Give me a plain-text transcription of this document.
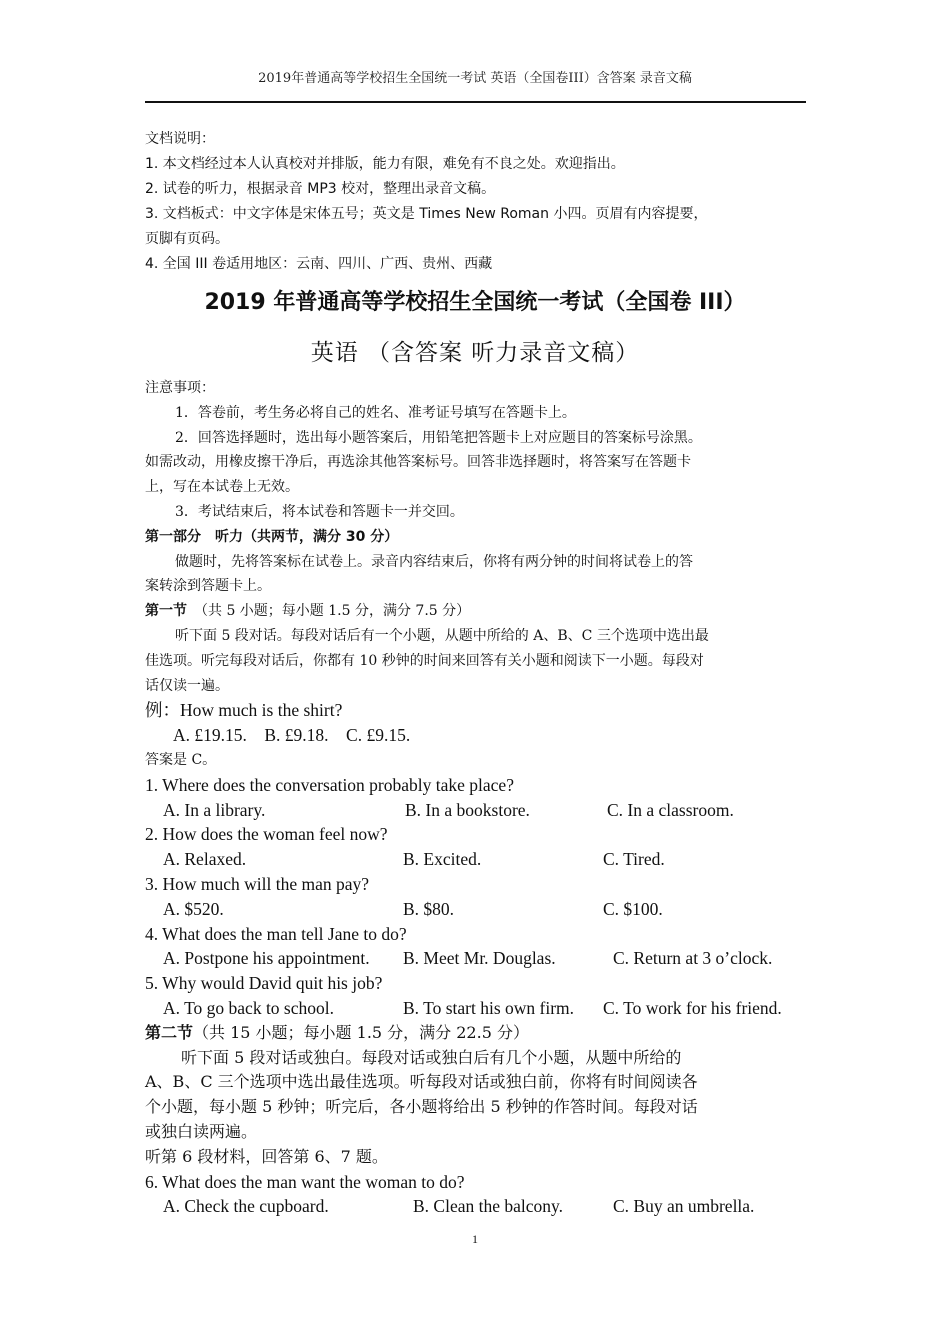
2019年普通高等学校招生全国统一考试 英语（全国卷III）含答案 录音文稿
文档说明：
1. 本文档经过本人认真校对并排版，能力有限，难免有不良之处。欢迎指出。
2. 试卷的听力，根据录音 MP3 校对，整理出录音文稿。
3. 文档板式：中文字体是宋体五号；英文是 Times New Roman 小四。页眉有内容提要，
页脚有页码。
4. 全国 III 卷适用地区：云南、四川、广西、贵州、西藏
2019 年普通高等学校招生全国统一考试（全国卷 III）
英语 （含答案 听力录音文稿）
注意事项：
1．答卷前，考生务必将自己的姓名、准考证号填写在答题卡上。
2．回答选择题时，选出每小题答案后，用铅笔把答题卡上对应题目的答案标号涂黑。
如需改动，用橡皮擦干净后，再选涂其他答案标号。回答非选择题时，将答案写在答题卡
上，写在本试卷上无效。
3．考试结束后，将本试卷和答题卡一并交回。
第一部分　听力（共两节，满分 30 分）
做题时，先将答案标在试卷上。录音内容结束后，你将有两分钟的时间将试卷上的答
案转涂到答题卡上。
第一节　（共 5 小题；每小题 1.5 分，满分 7.5 分）
听下面 5 段对话。每段对话后有一个小题，从题中所给的 A、B、C 三个选项中选出最
佳选项。听完每段对话后，你都有 10 秒钟的时间来回答有关小题和阅读下一小题。每段对
话仅读一遍。
例：How much is the shirt?
A. £19.15.　B. £9.18.　C. £9.15.
答案是 C。
1. Where does the conversation probably take place?
A. In a library.	B. In a bookstore.	C. In a classroom.
2. How does the woman feel now?
A. Relaxed.	B. Excited.	C. Tired.
3. How much will the man pay?
A. $520.	B. $80.	C. $100.
4. What does the man tell Jane to do?
A. Postpone his appointment.	B. Meet Mr. Douglas.	C. Return at 3 o’clock.
5. Why would David quit his job?
A. To go back to school.	B. To start his own firm.	C. To work for his friend.
第二节（共 15 小题；每小题 1.5 分，满分 22.5 分）
听下面 5 段对话或独白。每段对话或独白后有几个小题，从题中所给的
A、B、C 三个选项中选出最佳选项。听每段对话或独白前，你将有时间阅读各
个小题，每小题 5 秒钟；听完后，各小题将给出 5 秒钟的作答时间。每段对话
或独白读两遍。
听第 6 段材料，回答第 6、7 题。
6. What does the man want the woman to do?
A. Check the cupboard.	B. Clean the balcony.	C. Buy an umbrella.
1
